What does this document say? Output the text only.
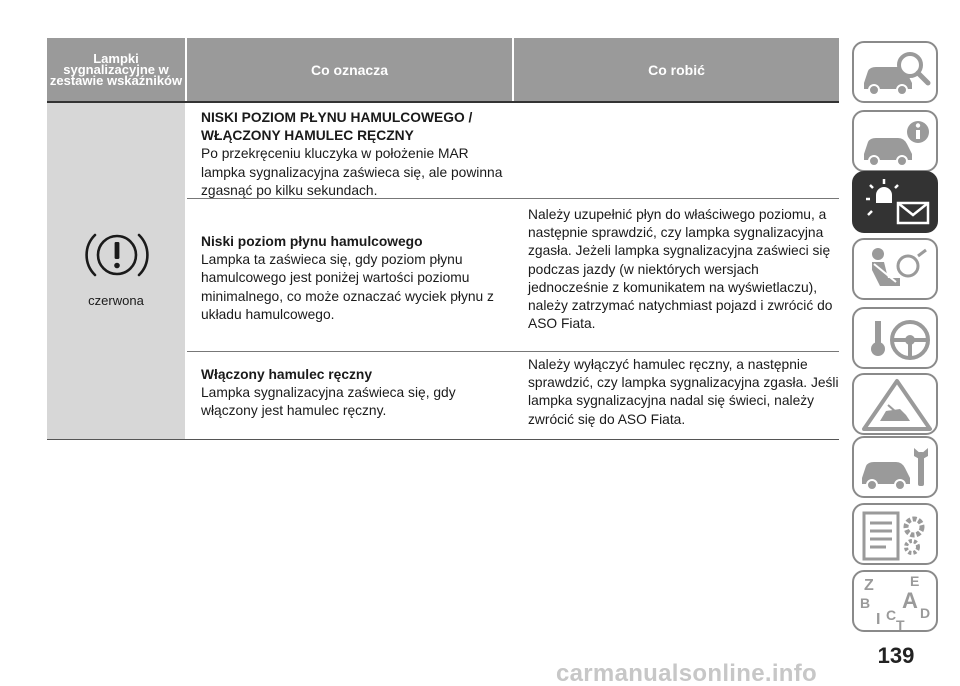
Lampki sygnalizacyjne w zestawie wskaźników
Co oznacza	Co robić
czerwona
NISKI POZIOM PŁYNU HAMULCOWEGO / WŁĄCZONY HAMULEC RĘCZNY
Po przekręceniu kluczyka w położenie MAR lampka sygnalizacyjna zaświeca się, ale powinna zgasnąć po kilku sekundach.
Niski poziom płynu hamulcowego
Lampka ta zaświeca się, gdy poziom płynu hamulcowego jest poniżej wartości poziomu minimalnego, co może oznaczać wyciek płynu z układu hamulcowego.
Należy uzupełnić płyn do właściwego poziomu, a następnie sprawdzić, czy lampka sygnalizacyjna zgasła. Jeżeli lampka sygnalizacyjna zaświeci się podczas jazdy (w niektórych wersjach jednocześnie z komunikatem na wyświetlaczu), należy zatrzymać natychmiast pojazd i zwrócić do ASO Fiata.
Włączony hamulec ręczny
Lampka sygnalizacyjna zaświeca się, gdy włączony jest hamulec ręczny.
Należy wyłączyć hamulec ręczny, a następnie sprawdzić, czy lampka sygnalizacyjna zgasła. Jeśli lampka sygnalizacyjna nadal się świeci, należy zwrócić się do ASO Fiata.
Z	E
B A D
I C
T
139
carmanualsonline.info
